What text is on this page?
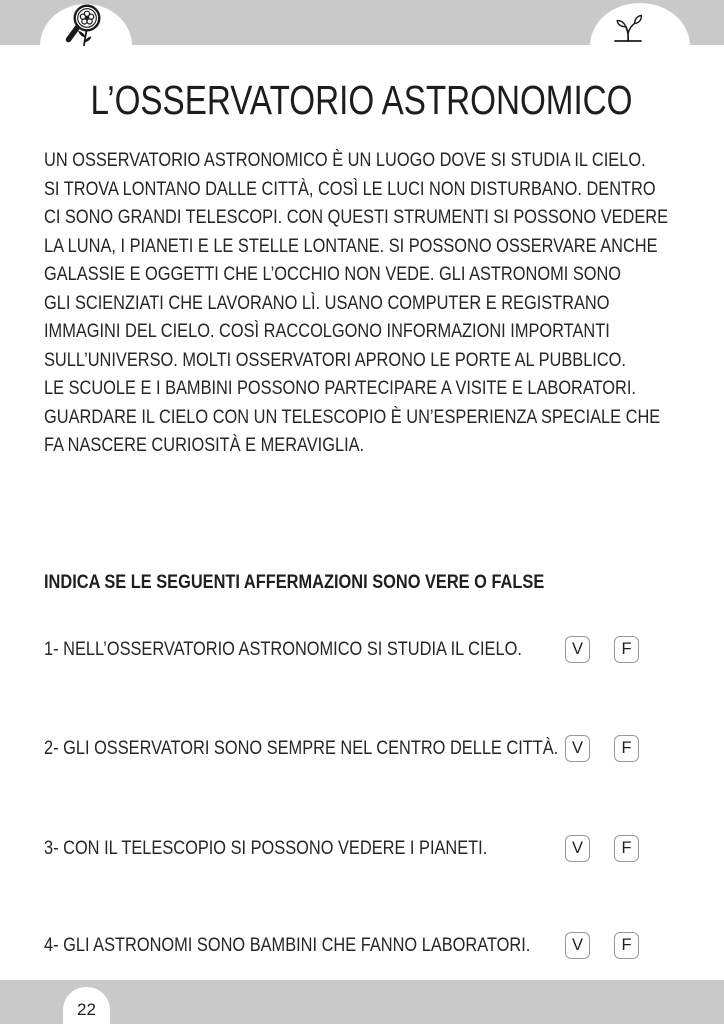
L’OSSERVATORIO ASTRONOMICO
UN OSSERVATORIO ASTRONOMICO È UN LUOGO DOVE SI STUDIA IL CIELO.
SI TROVA LONTANO DALLE CITTÀ, COSÌ LE LUCI NON DISTURBANO. DENTRO
CI SONO GRANDI TELESCOPI. CON QUESTI STRUMENTI SI POSSONO VEDERE
LA LUNA, I PIANETI E LE STELLE LONTANE. SI POSSONO OSSERVARE ANCHE
GALASSIE E OGGETTI CHE L’OCCHIO NON VEDE. GLI ASTRONOMI SONO
GLI SCIENZIATI CHE LAVORANO LÌ. USANO COMPUTER E REGISTRANO
IMMAGINI DEL CIELO. COSÌ RACCOLGONO INFORMAZIONI IMPORTANTI
SULL’UNIVERSO. MOLTI OSSERVATORI APRONO LE PORTE AL PUBBLICO.
LE SCUOLE E I BAMBINI POSSONO PARTECIPARE A VISITE E LABORATORI.
GUARDARE IL CIELO CON UN TELESCOPIO È UN’ESPERIENZA SPECIALE CHE
FA NASCERE CURIOSITÀ E MERAVIGLIA.
INDICA SE LE SEGUENTI AFFERMAZIONI SONO VERE O FALSE
1- NELL’OSSERVATORIO ASTRONOMICO SI STUDIA IL CIELO.	V	F
2- GLI OSSERVATORI SONO SEMPRE NEL CENTRO DELLE CITTÀ. V	F
3- CON IL TELESCOPIO SI POSSONO VEDERE I PIANETI.	V	F
4- GLI ASTRONOMI SONO BAMBINI CHE FANNO LABORATORI.	V	F
22
